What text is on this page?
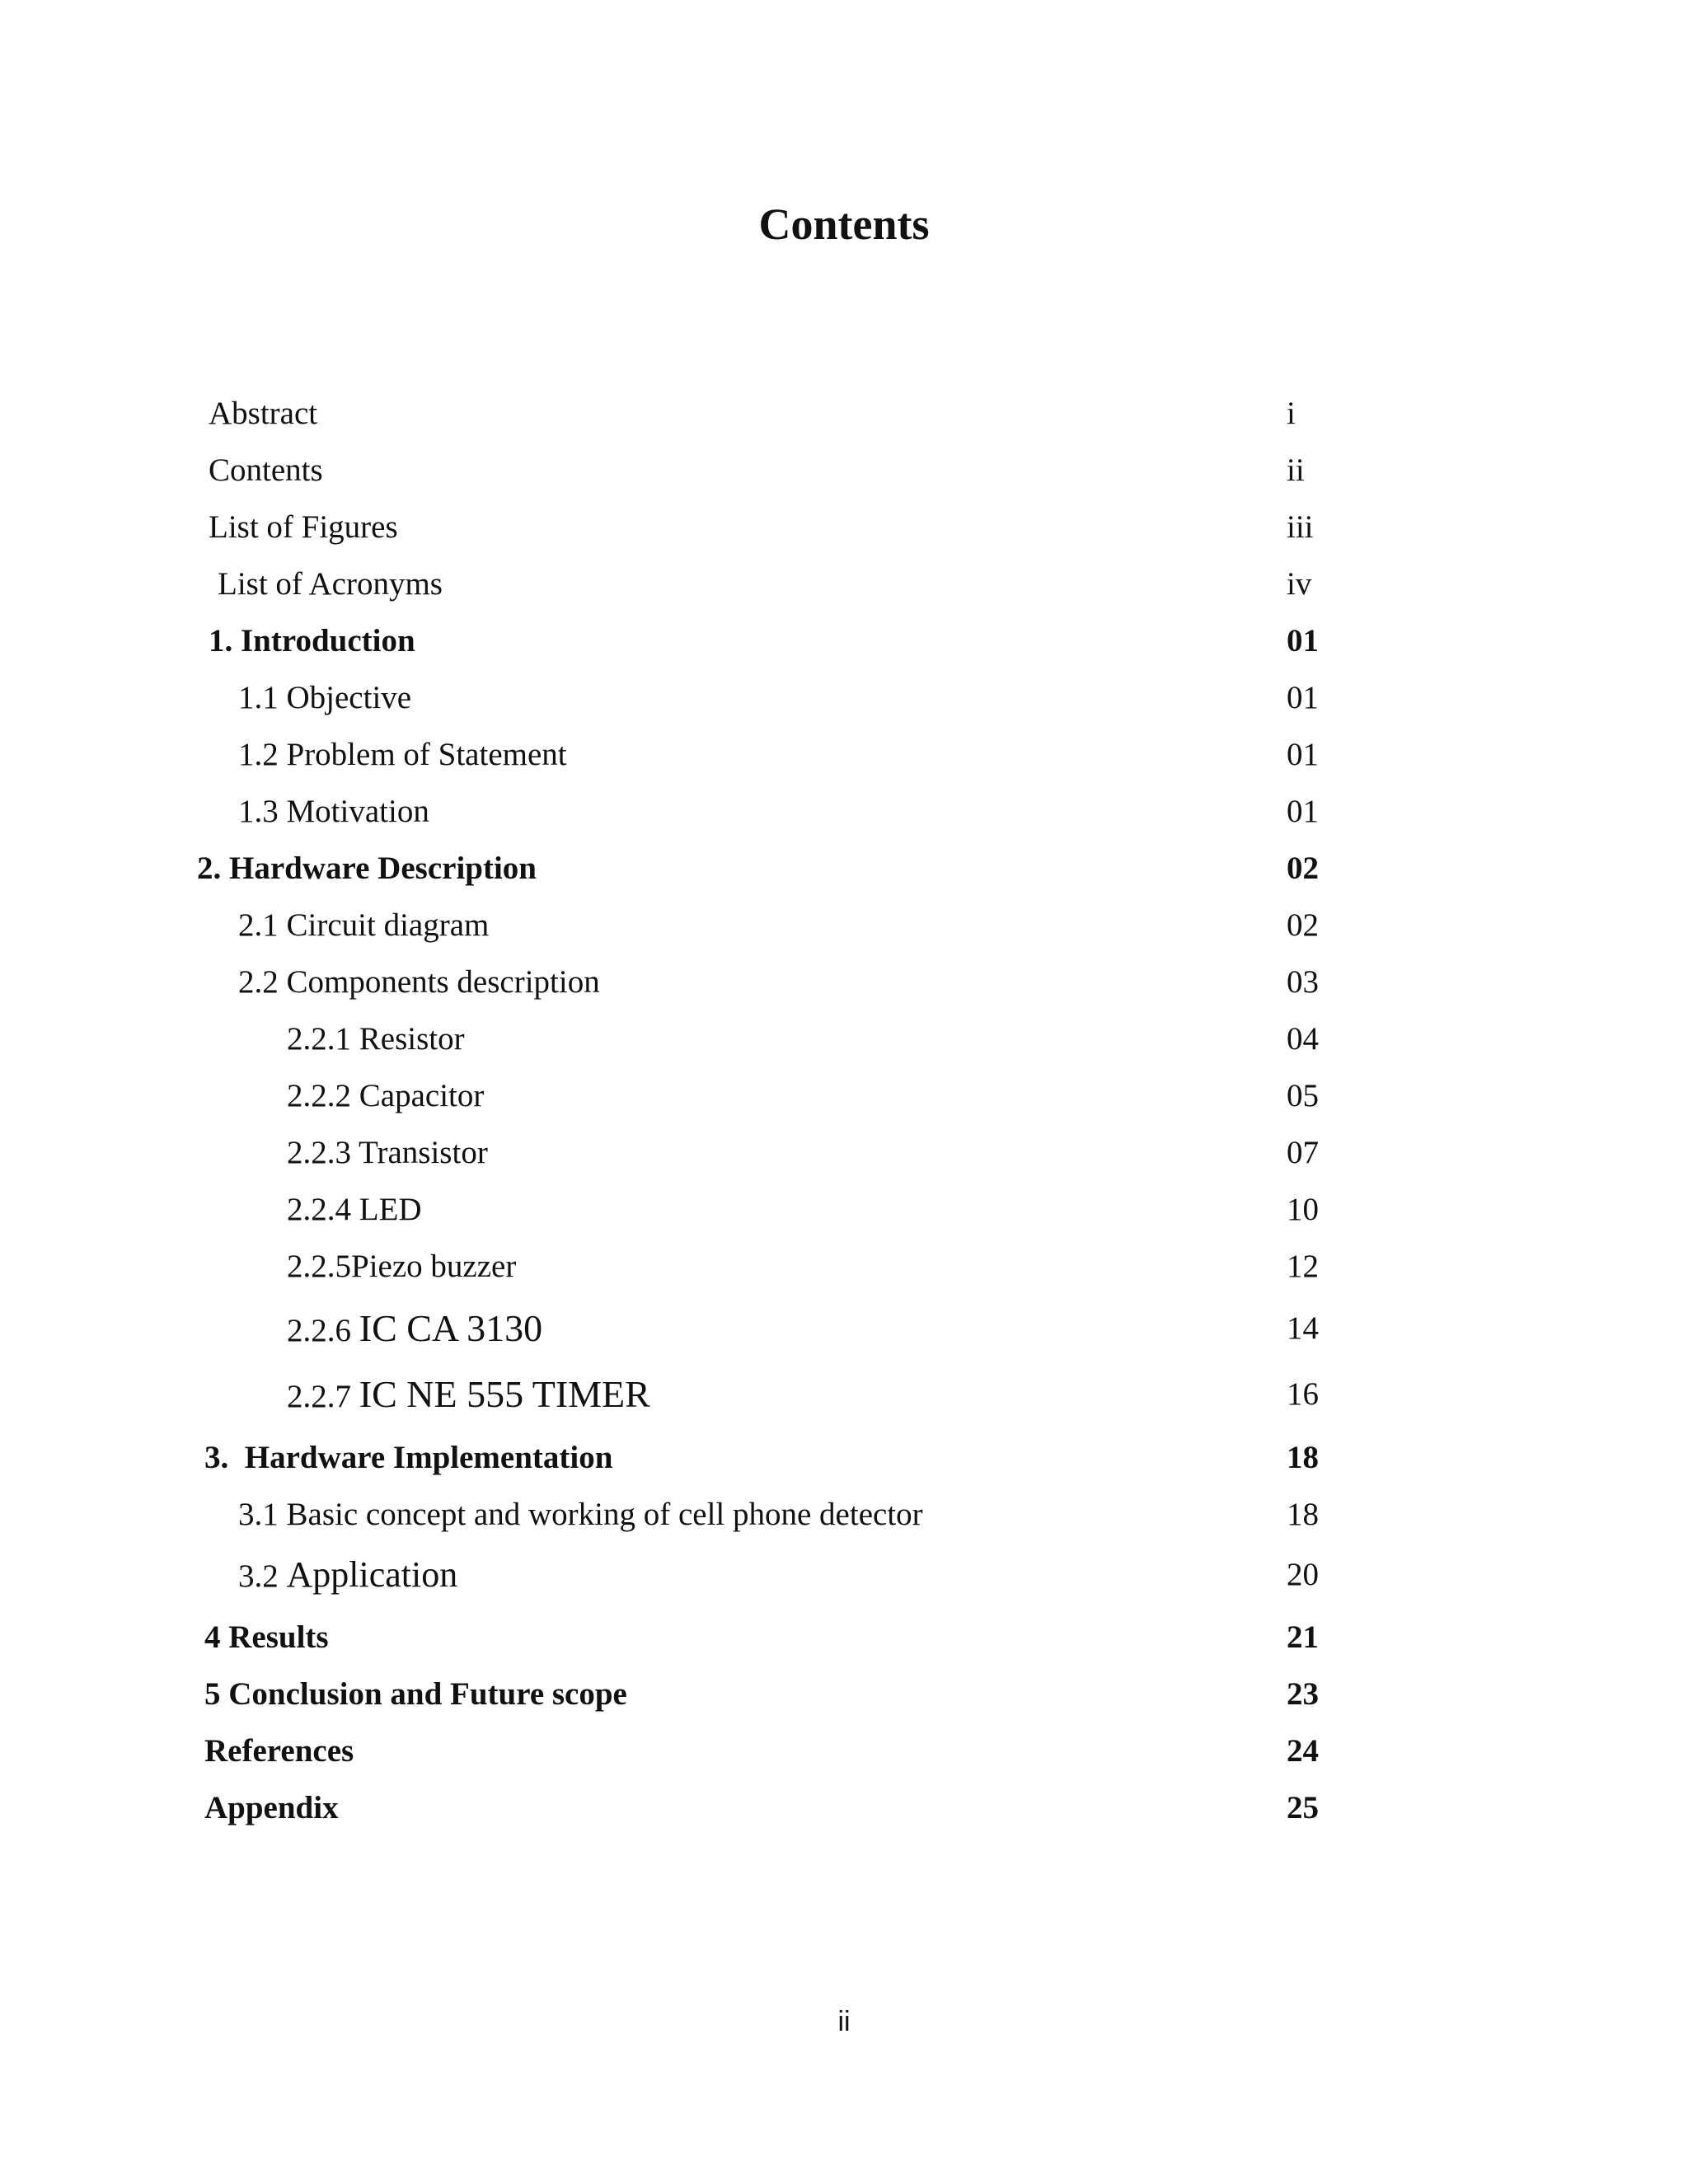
Contents
Abstract	i
Contents	ii
List of Figures	iii
List of Acronyms	iv
1. Introduction	01
1.1 Objective	01
1.2 Problem of Statement	01
1.3 Motivation	01
2. Hardware Description	02
2.1 Circuit diagram	02
2.2 Components description	03
2.2.1 Resistor	04
2.2.2 Capacitor	05
2.2.3 Transistor	07
2.2.4 LED	10
2.2.5Piezo buzzer	12
2.2.6 IC CA 3130	14
2.2.7 IC NE 555 TIMER	16
3.  Hardware Implementation	18
3.1 Basic concept and working of cell phone detector	18
3.2 Application	20
4 Results	21
5 Conclusion and Future scope	23
References	24
Appendix	25
ii
